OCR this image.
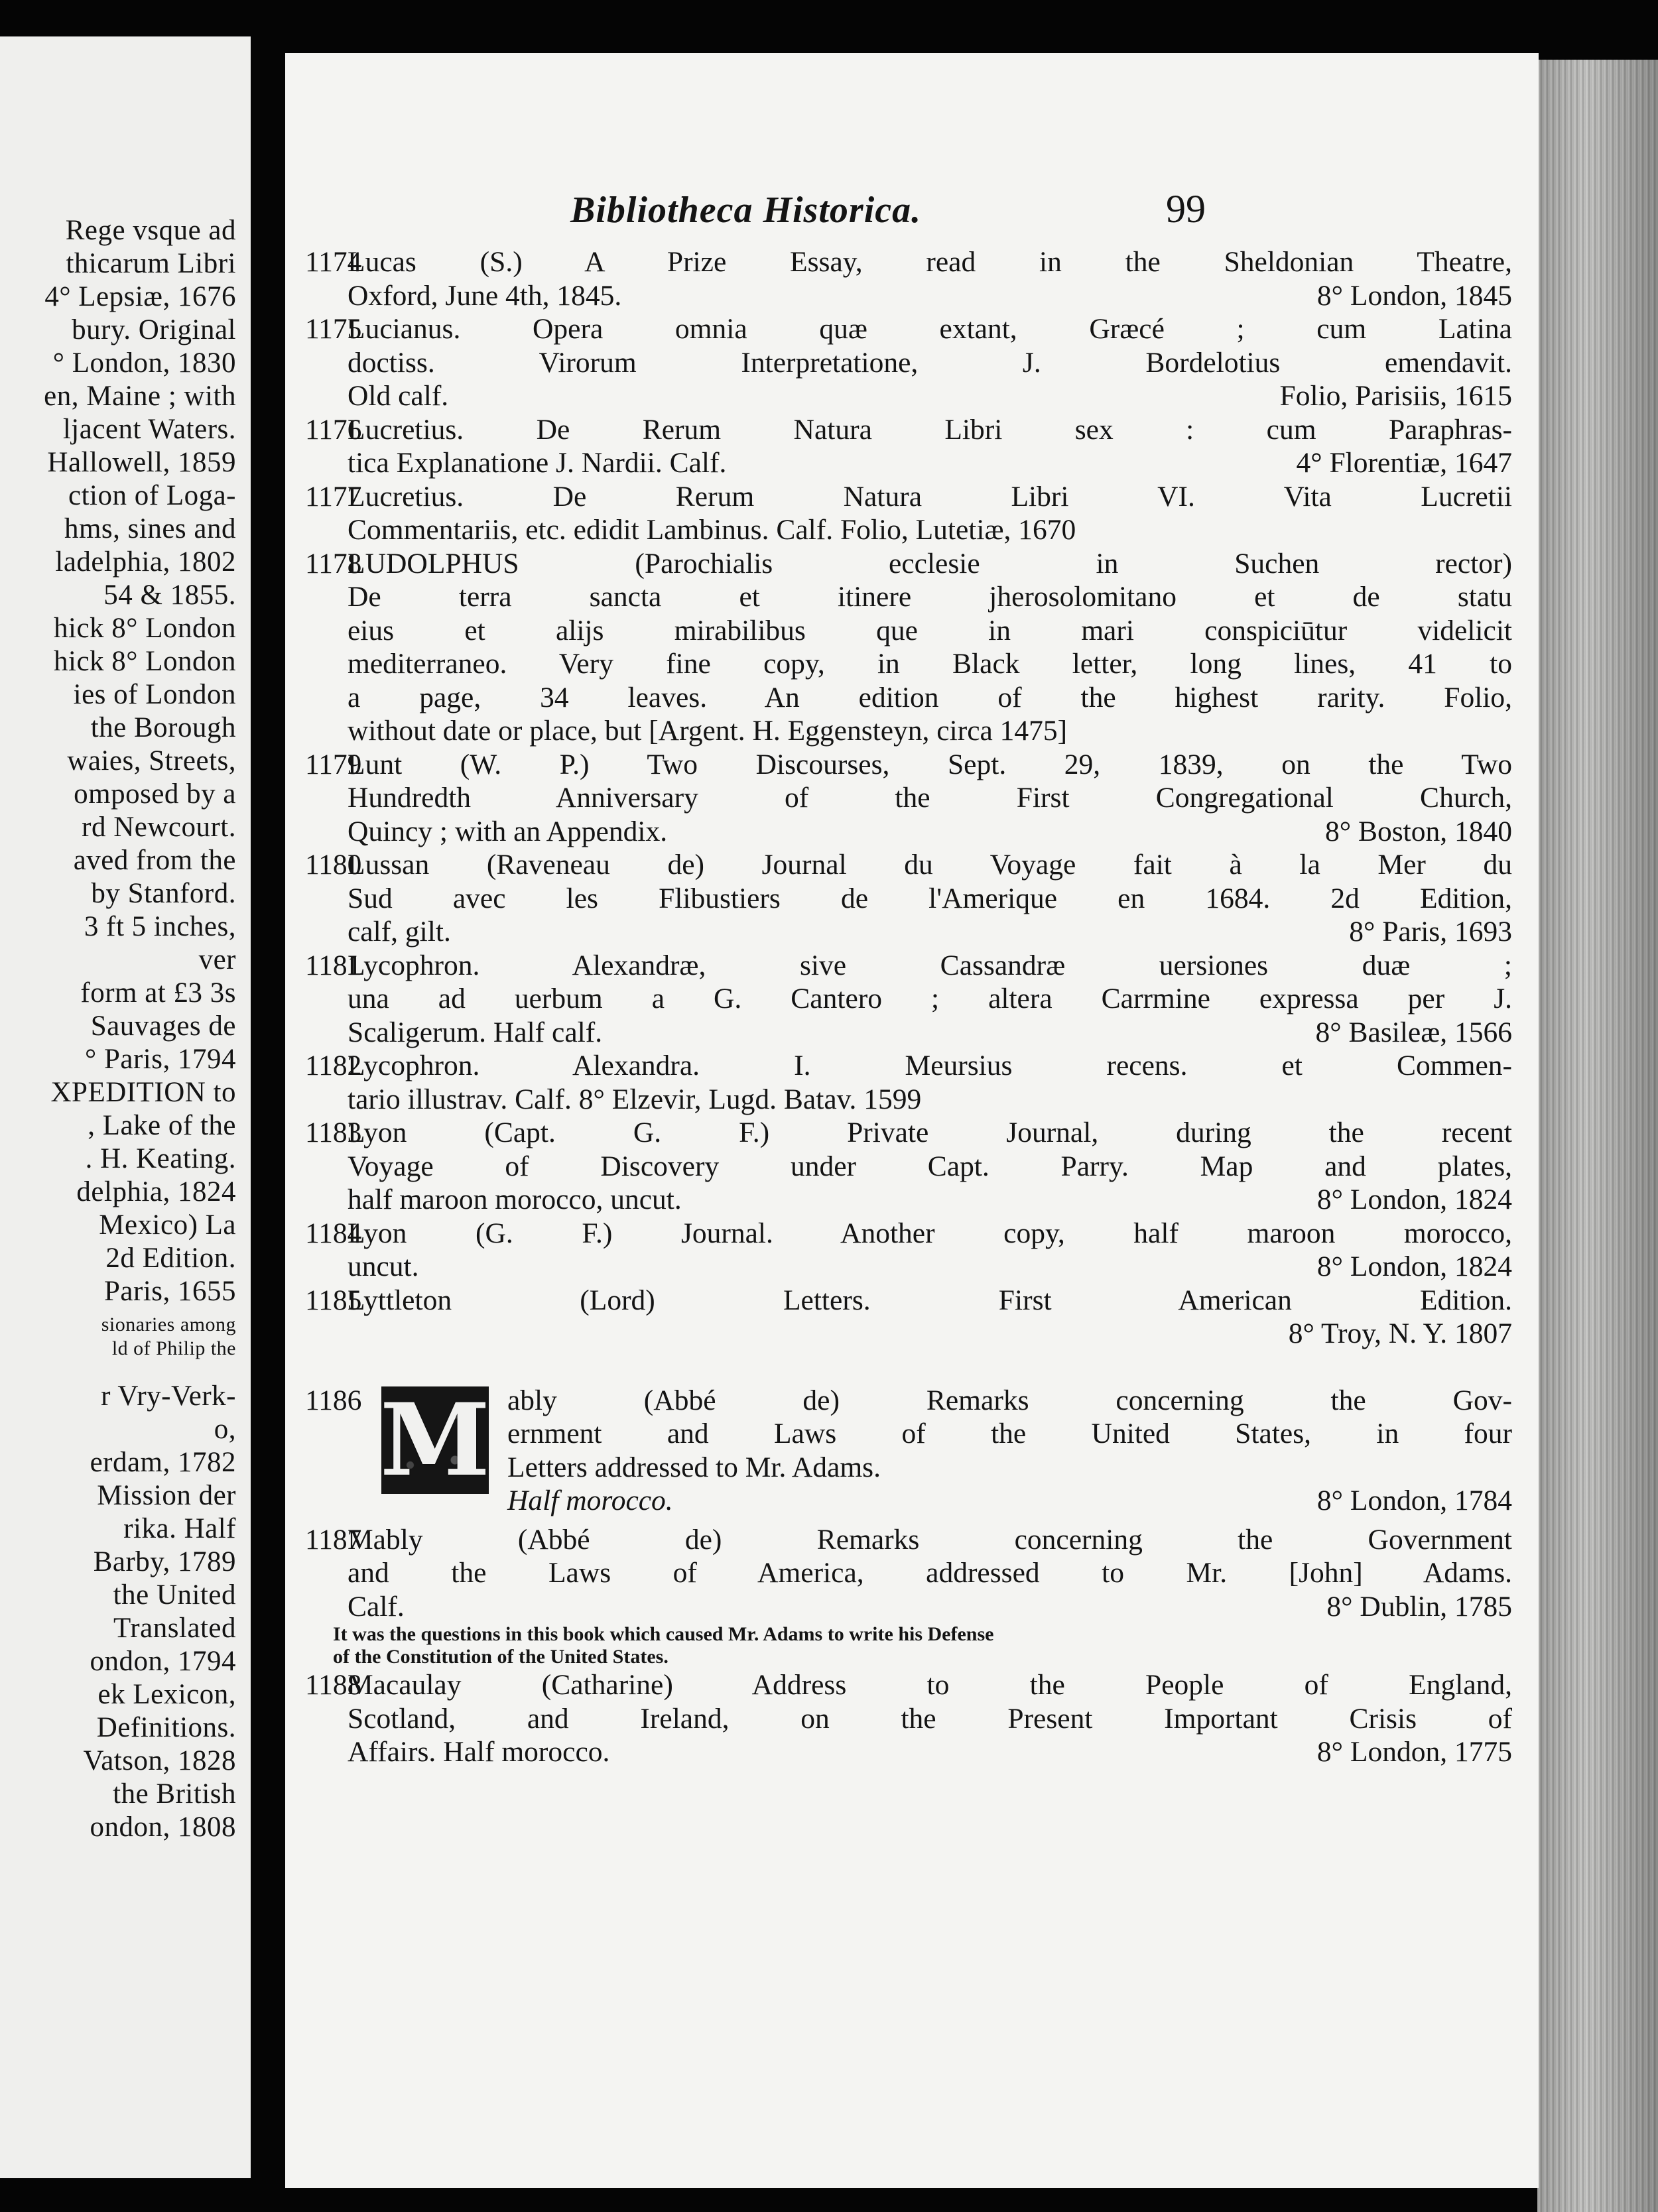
Rege vsque ad
thicarum Libri
4° Lepsiæ, 1676
bury. Original
° London, 1830
en, Maine ; with
ljacent Waters.
Hallowell, 1859
ction of Loga-
hms, sines and
ladelphia, 1802
54 & 1855.
hick 8° London
hick 8° London
ies of London
the Borough
waies, Streets,
omposed by a
rd Newcourt.
aved from the
by Stanford.
3 ft 5 inches,
ver
form at £3 3s
Sauvages de
° Paris, 1794
XPEDITION to
, Lake of the
. H. Keating.
delphia, 1824
Mexico) La
2d Edition.
Paris, 1655
sionaries among
ld of Philip the
r Vry-Verk-
o,
erdam, 1782
Mission der
rika. Half
Barby, 1789
the United
Translated
ondon, 1794
ek Lexicon,
Definitions.
Vatson, 1828
the British
ondon, 1808
Bibliotheca Historica.	99
1174Lucas (S.) A Prize Essay, read in the Sheldonian Theatre,
Oxford, June 4th, 1845.	8° London, 1845
1175Lucianus. Opera omnia quæ extant, Græcé ; cum Latina
doctiss. Virorum Interpretatione, J. Bordelotius emendavit.
Old calf.	Folio, Parisiis, 1615
1176Lucretius. De Rerum Natura Libri sex : cum Paraphras-
tica Explanatione J. Nardii. Calf.	4° Florentiæ, 1647
1177Lucretius. De Rerum Natura Libri VI. Vita Lucretii
Commentariis, etc. edidit Lambinus. Calf. Folio, Lutetiæ, 1670
1178LUDOLPHUS (Parochialis ecclesie in Suchen rector)
De terra sancta et itinere jherosolomitano et de statu
eius et alijs mirabilibus que in mari conspiciūtur videlicit
mediterraneo. Very fine copy, in Black letter, long lines, 41 to
a page, 34 leaves. An edition of the highest rarity. Folio,
without date or place, but [Argent. H. Eggensteyn, circa 1475]
1179Lunt (W. P.) Two Discourses, Sept. 29, 1839, on the Two
Hundredth Anniversary of the First Congregational Church,
Quincy ; with an Appendix.	8° Boston, 1840
1180Lussan (Raveneau de) Journal du Voyage fait à la Mer du
Sud avec les Flibustiers de l'Amerique en 1684. 2d Edition,
calf, gilt.	8° Paris, 1693
1181Lycophron. Alexandræ, sive Cassandræ uersiones duæ ;
una ad uerbum a G. Cantero ; altera Carrmine expressa per J.
Scaligerum. Half calf.	8° Basileæ, 1566
1182Lycophron. Alexandra. I. Meursius recens. et Commen-
tario illustrav. Calf. 8° Elzevir, Lugd. Batav. 1599
1183Lyon (Capt. G. F.) Private Journal, during the recent
Voyage of Discovery under Capt. Parry. Map and plates,
half maroon morocco, uncut.	8° London, 1824
1184Lyon (G. F.) Journal. Another copy, half maroon morocco,
uncut.	8° London, 1824
1185Lyttleton (Lord) Letters. First American Edition.
8° Troy, N. Y. 1807
1186 M ably (Abbé de) Remarks concerning the Gov-
ernment and Laws of the United States, in four
Letters addressed to Mr. Adams.
Half morocco.	8° London, 1784
1187Mably (Abbé de) Remarks concerning the Government
and the Laws of America, addressed to Mr. [John] Adams.
Calf.	8° Dublin, 1785
It was the questions in this book which caused Mr. Adams to write his Defense
of the Constitution of the United States.
1188Macaulay (Catharine) Address to the People of England,
Scotland, and Ireland, on the Present Important Crisis of
Affairs. Half morocco.	8° London, 1775
